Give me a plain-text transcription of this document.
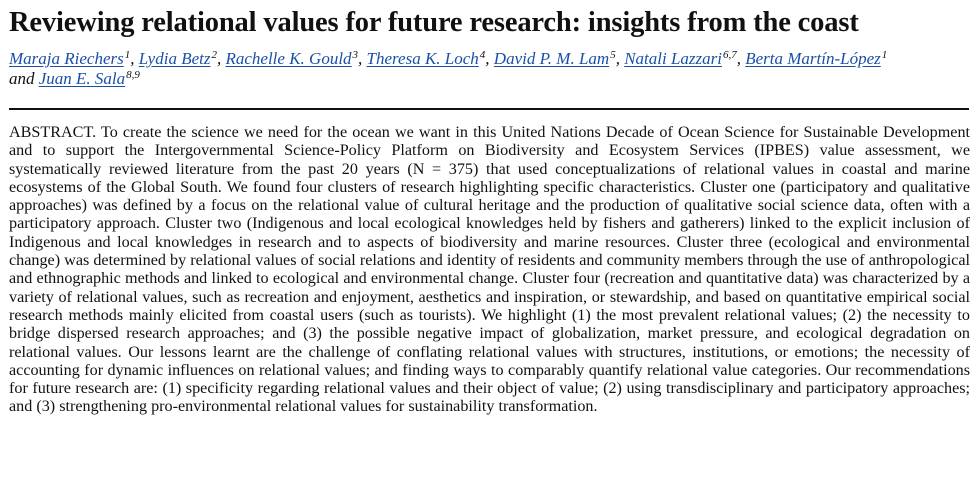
Reviewing relational values for future research: insights from the coast
Maraja Riechers$^1$, Lydia Betz$^2$, Rachelle K. Gould$^3$, Theresa K. Loch$^4$, David P. M. Lam$^5$, Natali Lazzari$^{6,7}$, Berta Martín-López$^1$
and Juan E. Sala$^{8,9}$

ABSTRACT. To create the science we need for the ocean we want in this United Nations Decade of Ocean Science for Sustainable Development and to support the Intergovernmental Science-Policy Platform on Biodiversity and Ecosystem Services (IPBES) value assessment, we systematically reviewed literature from the past 20 years (N = 375) that used conceptualizations of relational values in coastal and marine ecosystems of the Global South. We found four clusters of research highlighting specific characteristics. Cluster one (participatory and qualitative approaches) was defined by a focus on the relational value of cultural heritage and the production of qualitative social science data, often with a participatory approach. Cluster two (Indigenous and local ecological knowledges held by fishers and gatherers) linked to the explicit inclusion of Indigenous and local knowledges in research and to aspects of biodiversity and marine resources. Cluster three (ecological and environmental change) was determined by relational values of social relations and identity of residents and community members through the use of anthropological and ethnographic methods and linked to ecological and environmental change. Cluster four (recreation and quantitative data) was characterized by a variety of relational values, such as recreation and enjoyment, aesthetics and inspiration, or stewardship, and based on quantitative empirical social research methods mainly elicited from coastal users (such as tourists). We highlight (1) the most prevalent relational values; (2) the necessity to bridge dispersed research approaches; and (3) the possible negative impact of globalization, market pressure, and ecological degradation on relational values. Our lessons learnt are the challenge of conflating relational values with structures, institutions, or emotions; the necessity of accounting for dynamic influences on relational values; and finding ways to comparably quantify relational value categories. Our recommendations for future research are: (1) specificity regarding relational values and their object of value; (2) using transdisciplinary and participatory approaches; and (3) strengthening pro-environmental relational values for sustainability transformation.
